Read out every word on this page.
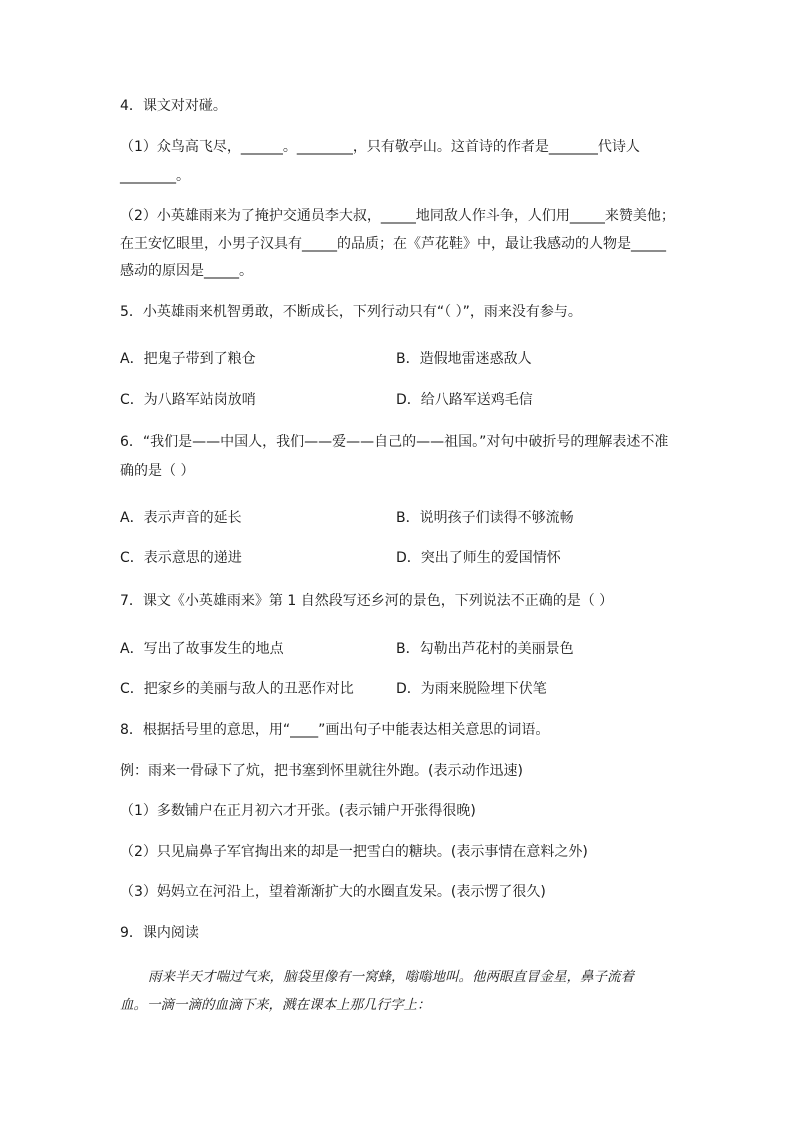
4．课文对对碰。
（1）众鸟高飞尽，______。________，只有敬亭山。这首诗的作者是_______代诗人
________。
（2）小英雄雨来为了掩护交通员李大叔，_____地同敌人作斗争，人们用_____来赞美他；
在王安忆眼里，小男子汉具有_____的品质；在《芦花鞋》中，最让我感动的人物是_____
感动的原因是_____。
5．小英雄雨来机智勇敢，不断成长，下列行动只有“（ ）”，雨来没有参与。
A．把鬼子带到了粮仓	B．造假地雷迷惑敌人
C．为八路军站岗放哨	D．给八路军送鸡毛信
6．“我们是——中国人，我们——爱——自己的——祖国。”对句中破折号的理解表述不准
确的是（ ）
A．表示声音的延长	B．说明孩子们读得不够流畅
C．表示意思的递进	D．突出了师生的爱国情怀
7．课文《小英雄雨来》第 1 自然段写还乡河的景色，下列说法不正确的是（ ）
A．写出了故事发生的地点	B．勾勒出芦花村的美丽景色
C．把家乡的美丽与敌人的丑恶作对比	D．为雨来脱险埋下伏笔
8．根据括号里的意思，用“____”画出句子中能表达相关意思的词语。
例：雨来一骨碌下了炕，把书塞到怀里就往外跑。(表示动作迅速)
（1）多数铺户在正月初六才开张。(表示铺户开张得很晚)
（2）只见扁鼻子军官掏出来的却是一把雪白的糖块。(表示事情在意料之外)
（3）妈妈立在河沿上，望着渐渐扩大的水圈直发呆。(表示愣了很久)
9．课内阅读
雨来半天才喘过气来，脑袋里像有一窝蜂，嗡嗡地叫。他两眼直冒金星，鼻子流着
血。一滴一滴的血滴下来，溅在课本上那几行字上：
